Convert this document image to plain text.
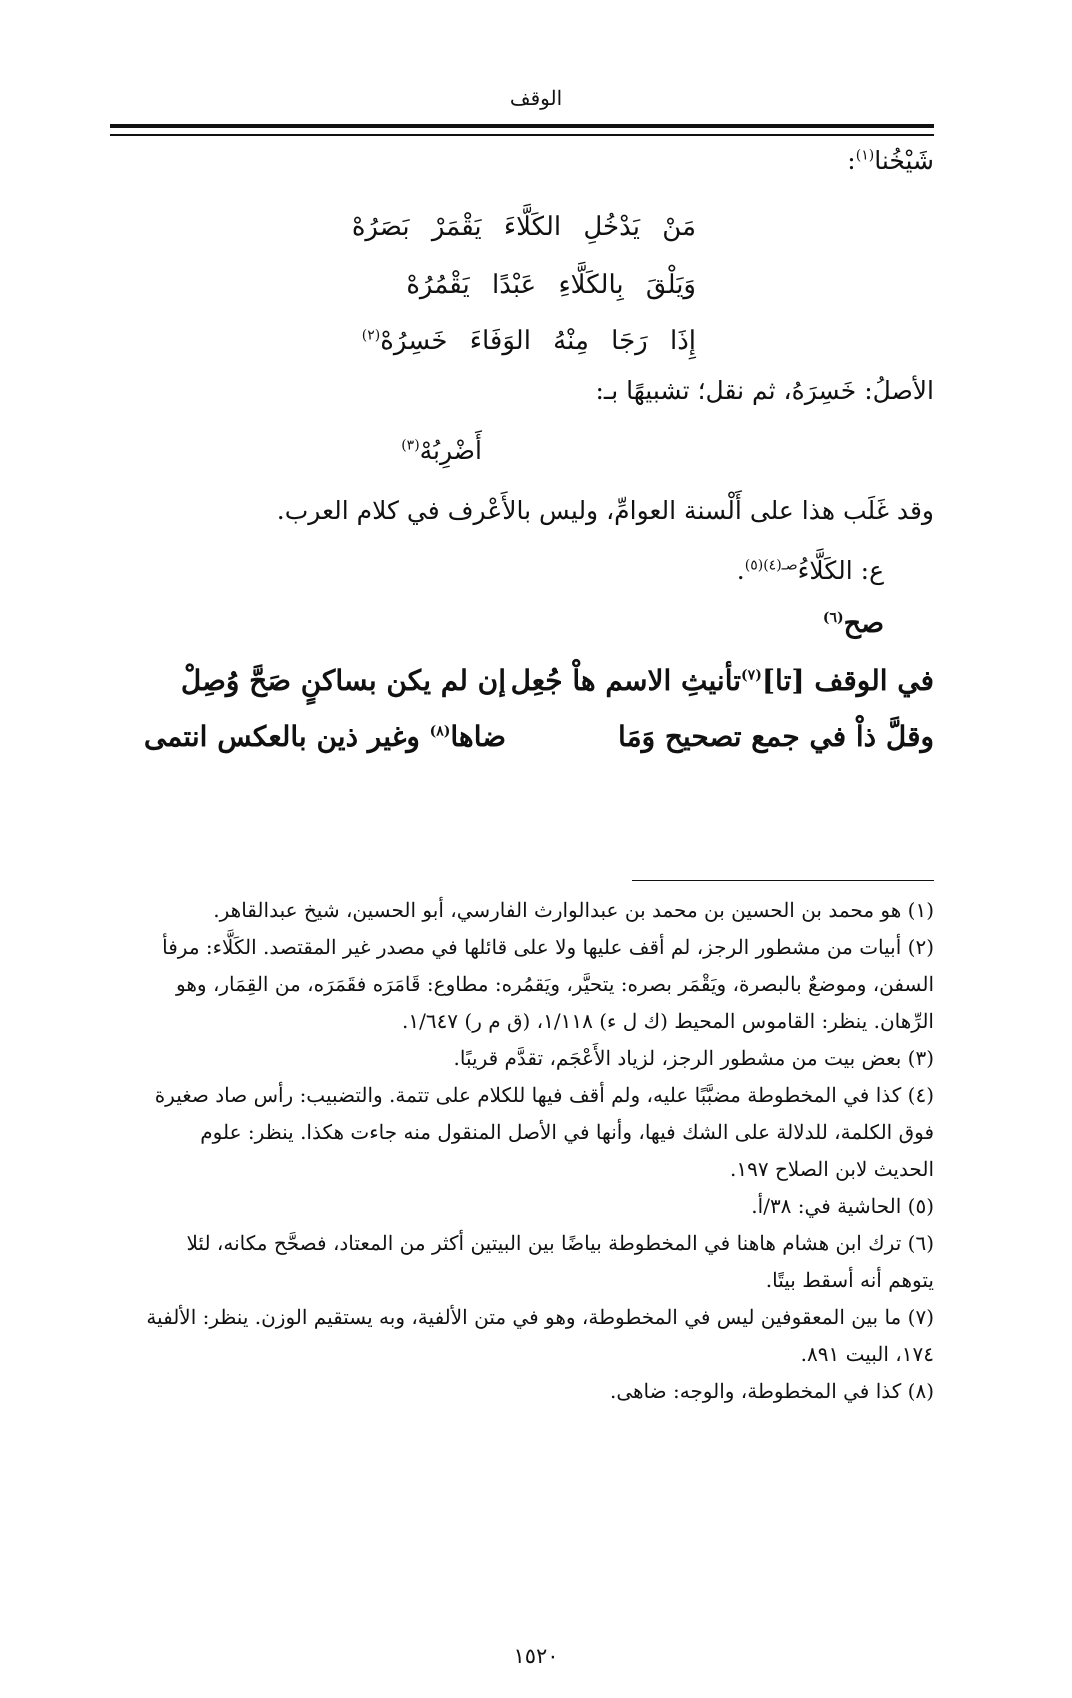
الوقف
شَيْخُنا$^{(١)}$:
مَنْ يَدْخُلِ الكَلَّاءَ يَقْمَرْ بَصَرُهْ
وَيَلْقَ بِالكَلَّاءِ عَبْدًا يَقْمُرُهْ
إِذَا رَجَا مِنْهُ الوَفَاءَ خَسِرُهْ$^{(٢)}$
الأصلُ: خَسِرَهُ، ثم نقل؛ تشبيهًا بـ:
أَضْرِبُهْ$^{(٣)}$
وقد غَلَب هذا على أَلْسنة العوامِّ، وليس بالأَعْرف في كلام العرب.
ع: الكَلَّاءُ$^{صـ(٤)(٥)}$.
صح$^{(٦)}$
في الوقف [تا]$^{(٧)}$تأنيثِ الاسم هاْ جُعِل
إن لم يكن بساكنٍ صَحَّ وُصِلْ
وقلَّ ذاْ في جمع تصحيح وَمَا
ضاها$^{(٨)}$ وغير ذين بالعكس انتمى
(١) هو محمد بن الحسين بن محمد بن عبدالوارث الفارسي، أبو الحسين، شيخ عبدالقاهر.
(٢) أبيات من مشطور الرجز، لم أقف عليها ولا على قائلها في مصدر غير المقتصد. الكَلَّاء: مرفأ
السفن، وموضعٌ بالبصرة، ويَقْمَر بصره: يتحيَّر، ويَقمُره: مطاوع: قَامَرَه فقَمَرَه، من القِمَار، وهو
الرِّهان. ينظر: القاموس المحيط (ك ل ء) ١/١١٨، (ق م ر) ١/٦٤٧.
(٣) بعض بيت من مشطور الرجز، لزياد الأَعْجَم، تقدَّم قريبًا.
(٤) كذا في المخطوطة مضبَّبًا عليه، ولم أقف فيها للكلام على تتمة. والتضبيب: رأس صاد صغيرة
فوق الكلمة، للدلالة على الشك فيها، وأنها في الأصل المنقول منه جاءت هكذا. ينظر: علوم
الحديث لابن الصلاح ١٩٧.
(٥) الحاشية في: ٣٨/أ.
(٦) ترك ابن هشام هاهنا في المخطوطة بياضًا بين البيتين أكثر من المعتاد، فصحَّح مكانه، لئلا
يتوهم أنه أسقط بيتًا.
(٧) ما بين المعقوفين ليس في المخطوطة، وهو في متن الألفية، وبه يستقيم الوزن. ينظر: الألفية
١٧٤، البيت ٨٩١.
(٨) كذا في المخطوطة، والوجه: ضاهى.
١٥٢٠
